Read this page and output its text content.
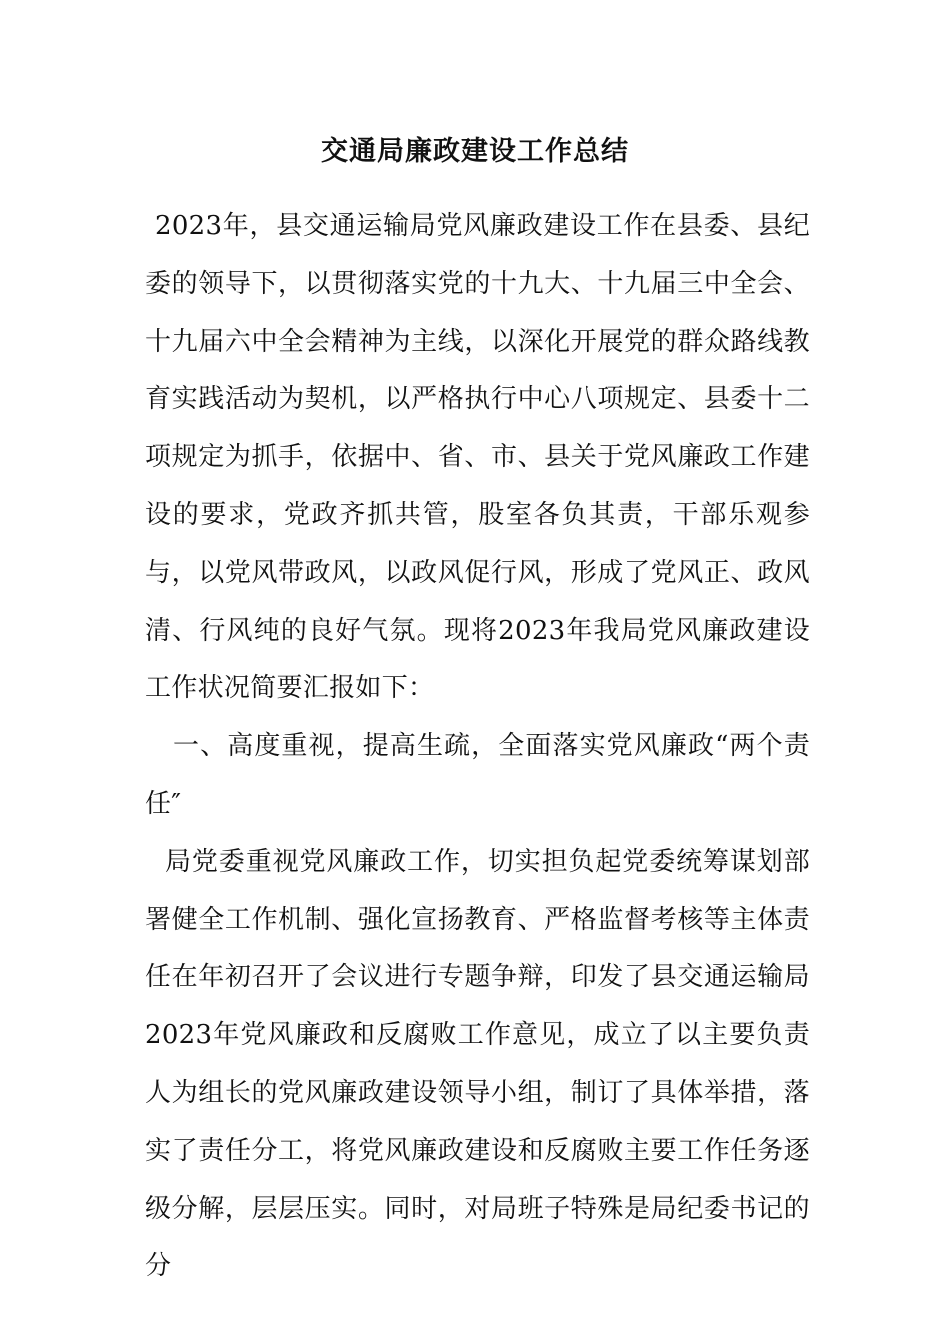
交通局廉政建设工作总结

2023年，县交通运输局党风廉政建设工作在县委、县纪委的领导下，以贯彻落实党的十九大、十九届三中全会、十九届六中全会精神为主线，以深化开展党的群众路线教育实践活动为契机，以严格执行中心八项规定、县委十二项规定为抓手，依据中、省、市、县关于党风廉政工作建设的要求，党政齐抓共管，股室各负其责，干部乐观参与，以党风带政风，以政风促行风，形成了党风正、政风清、行风纯的良好气氛。现将2023年我局党风廉政建设工作状况简要汇报如下：

一、高度重视，提高生疏，全面落实党风廉政“两个责任″

局党委重视党风廉政工作，切实担负起党委统筹谋划部署健全工作机制、强化宣扬教育、严格监督考核等主体责任在年初召开了会议进行专题争辩，印发了县交通运输局2023年党风廉政和反腐败工作意见，成立了以主要负责人为组长的党风廉政建设领导小组，制订了具体举措，落实了责任分工，将党风廉政建设和反腐败主要工作任务逐级分解，层层压实。同时，对局班子特殊是局纪委书记的分
